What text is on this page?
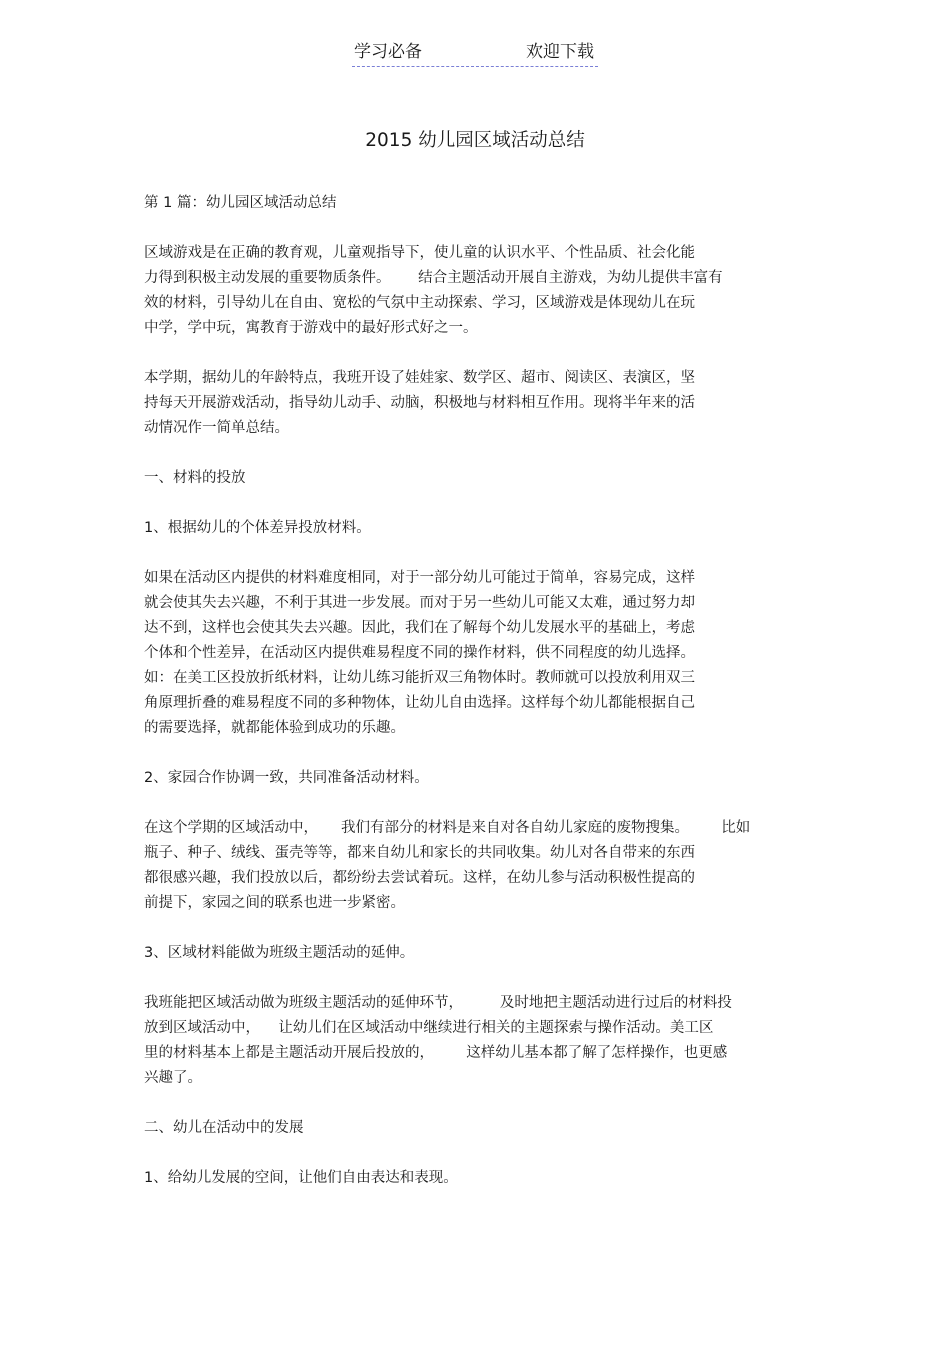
学习必备	欢迎下载
2015 幼儿园区域活动总结
第 1 篇：幼儿园区域活动总结
区域游戏是在正确的教育观，儿童观指导下，使儿童的认识水平、个性品质、社会化能
力得到积极主动发展的重要物质条件。      结合主题活动开展自主游戏，为幼儿提供丰富有
效的材料，引导幼儿在自由、宽松的气氛中主动探索、学习，区域游戏是体现幼儿在玩
中学，学中玩，寓教育于游戏中的最好形式好之一。
本学期，据幼儿的年龄特点，我班开设了娃娃家、数学区、超市、阅读区、表演区，坚
持每天开展游戏活动，指导幼儿动手、动脑，积极地与材料相互作用。现将半年来的活
动情况作一简单总结。
一、材料的投放
1、根据幼儿的个体差异投放材料。
如果在活动区内提供的材料难度相同，对于一部分幼儿可能过于简单，容易完成，这样
就会使其失去兴趣，不利于其进一步发展。而对于另一些幼儿可能又太难，通过努力却
达不到，这样也会使其失去兴趣。因此，我们在了解每个幼儿发展水平的基础上，考虑
个体和个性差异，在活动区内提供难易程度不同的操作材料，供不同程度的幼儿选择。
如：在美工区投放折纸材料，让幼儿练习能折双三角物体时。教师就可以投放利用双三
角原理折叠的难易程度不同的多种物体，让幼儿自由选择。这样每个幼儿都能根据自己
的需要选择，就都能体验到成功的乐趣。
2、家园合作协调一致，共同准备活动材料。
在这个学期的区域活动中，     我们有部分的材料是来自对各自幼儿家庭的废物搜集。       比如
瓶子、种子、绒线、蛋壳等等，都来自幼儿和家长的共同收集。幼儿对各自带来的东西
都很感兴趣，我们投放以后，都纷纷去尝试着玩。这样，在幼儿参与活动积极性提高的
前提下，家园之间的联系也进一步紧密。
3、区域材料能做为班级主题活动的延伸。
我班能把区域活动做为班级主题活动的延伸环节，        及时地把主题活动进行过后的材料投
放到区域活动中，    让幼儿们在区域活动中继续进行相关的主题探索与操作活动。美工区
里的材料基本上都是主题活动开展后投放的，       这样幼儿基本都了解了怎样操作，也更感
兴趣了。
二、幼儿在活动中的发展
1、给幼儿发展的空间，让他们自由表达和表现。
